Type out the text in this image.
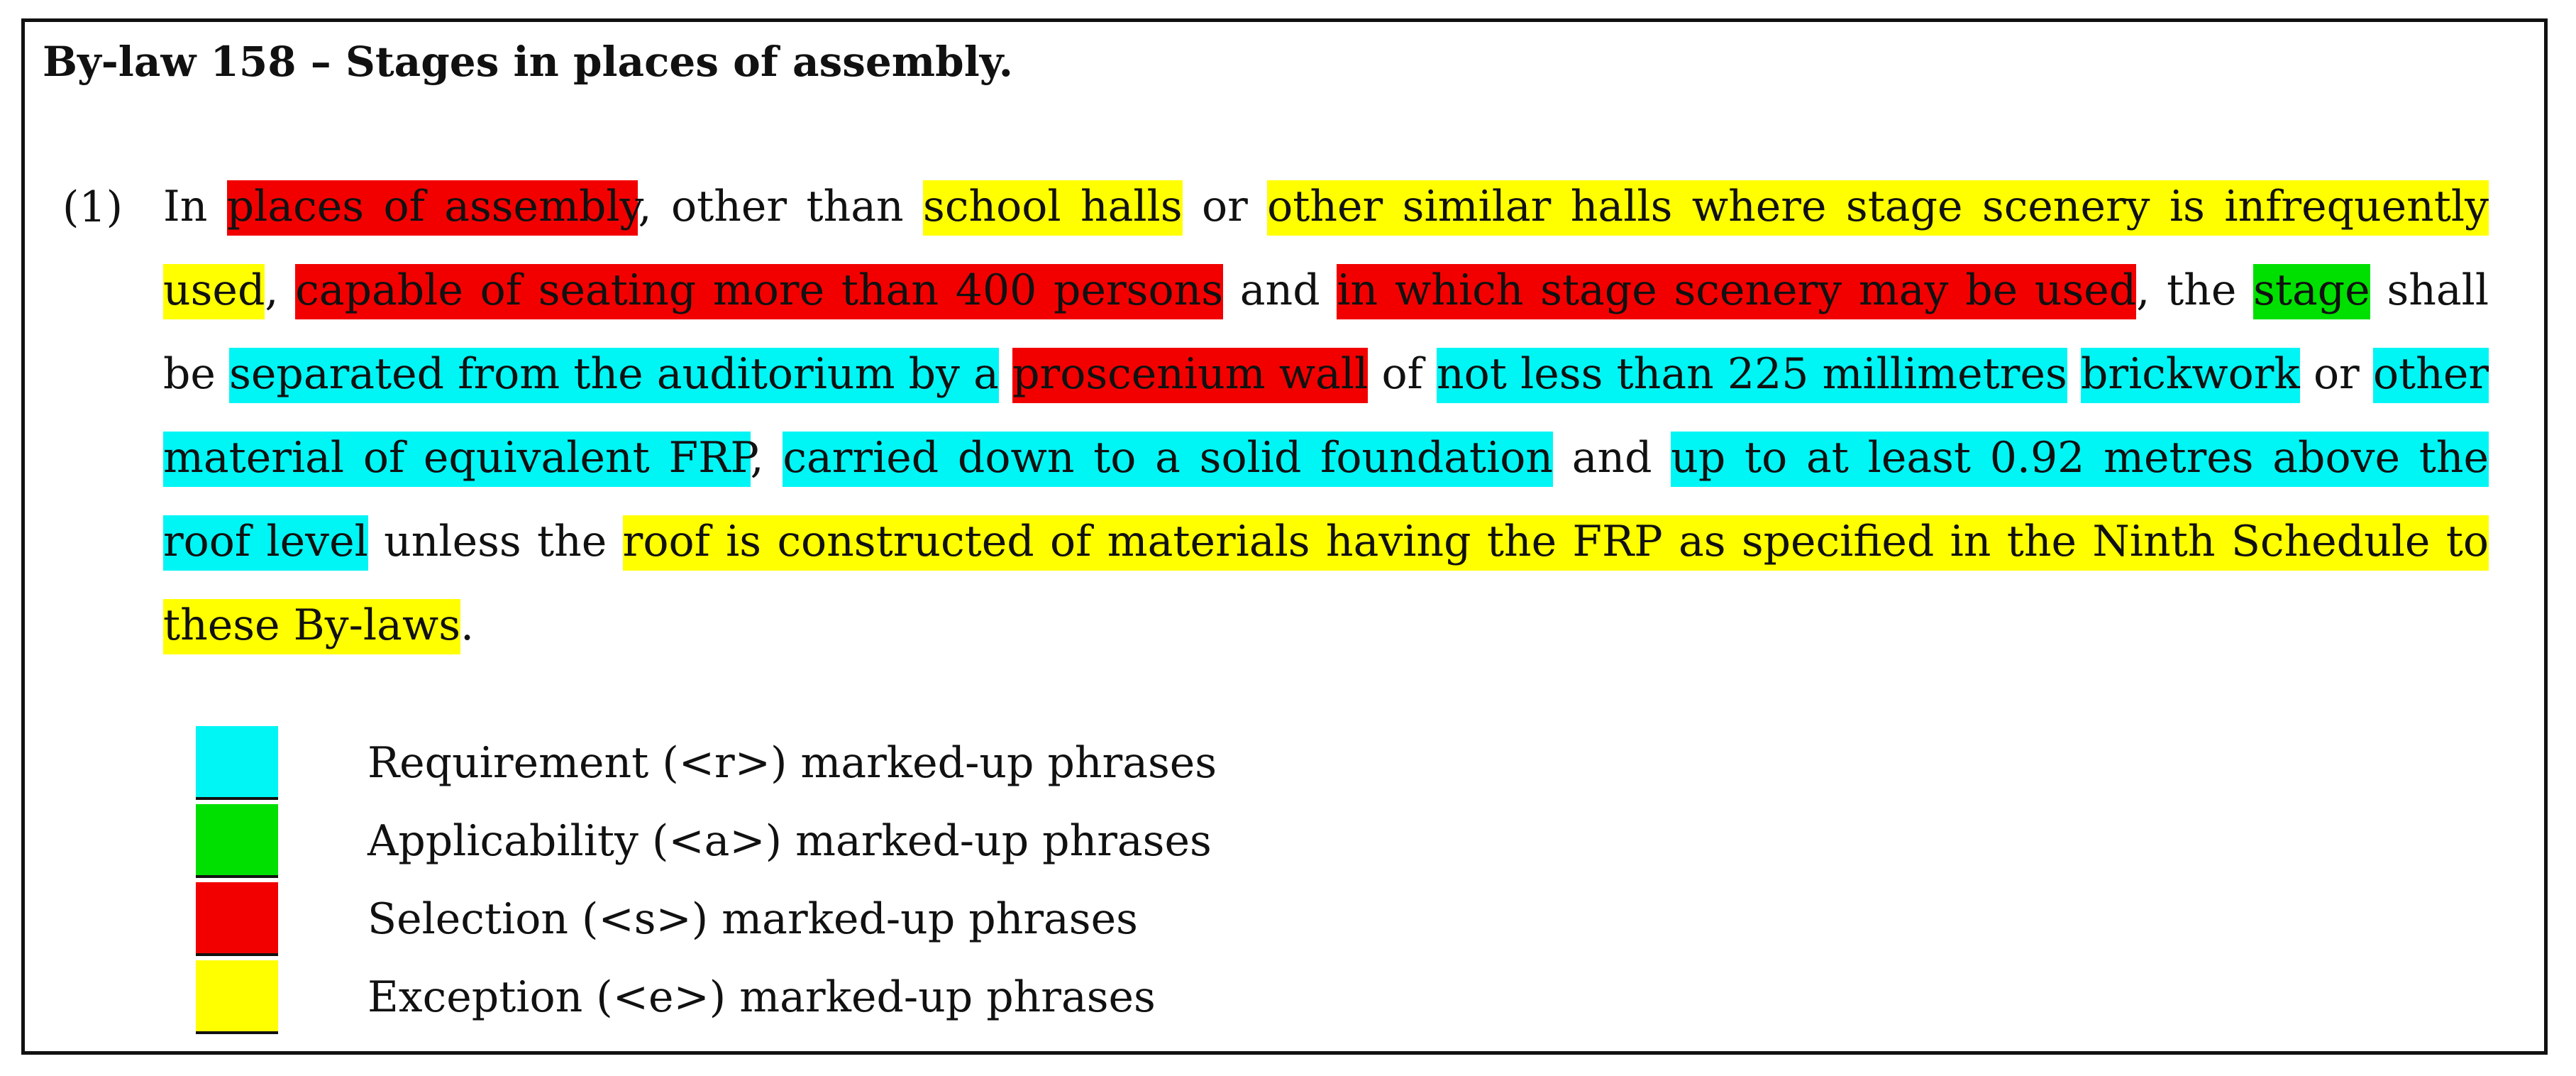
By-law 158 – Stages in places of assembly.
(1) In places of assembly, other than school halls or other similar halls where stage scenery is infrequently used, capable of seating more than 400 persons and in which stage scenery may be used, the stage shall be separated from the auditorium by a proscenium wall of not less than 225 millimetres brickwork or other material of equivalent FRP, carried down to a solid foundation and up to at least 0.92 metres above the roof level unless the roof is constructed of materials having the FRP as specified in the Ninth Schedule to these By-laws.
Requirement (<r>) marked-up phrases
Applicability (<a>) marked-up phrases
Selection (<s>) marked-up phrases
Exception (<e>) marked-up phrases
